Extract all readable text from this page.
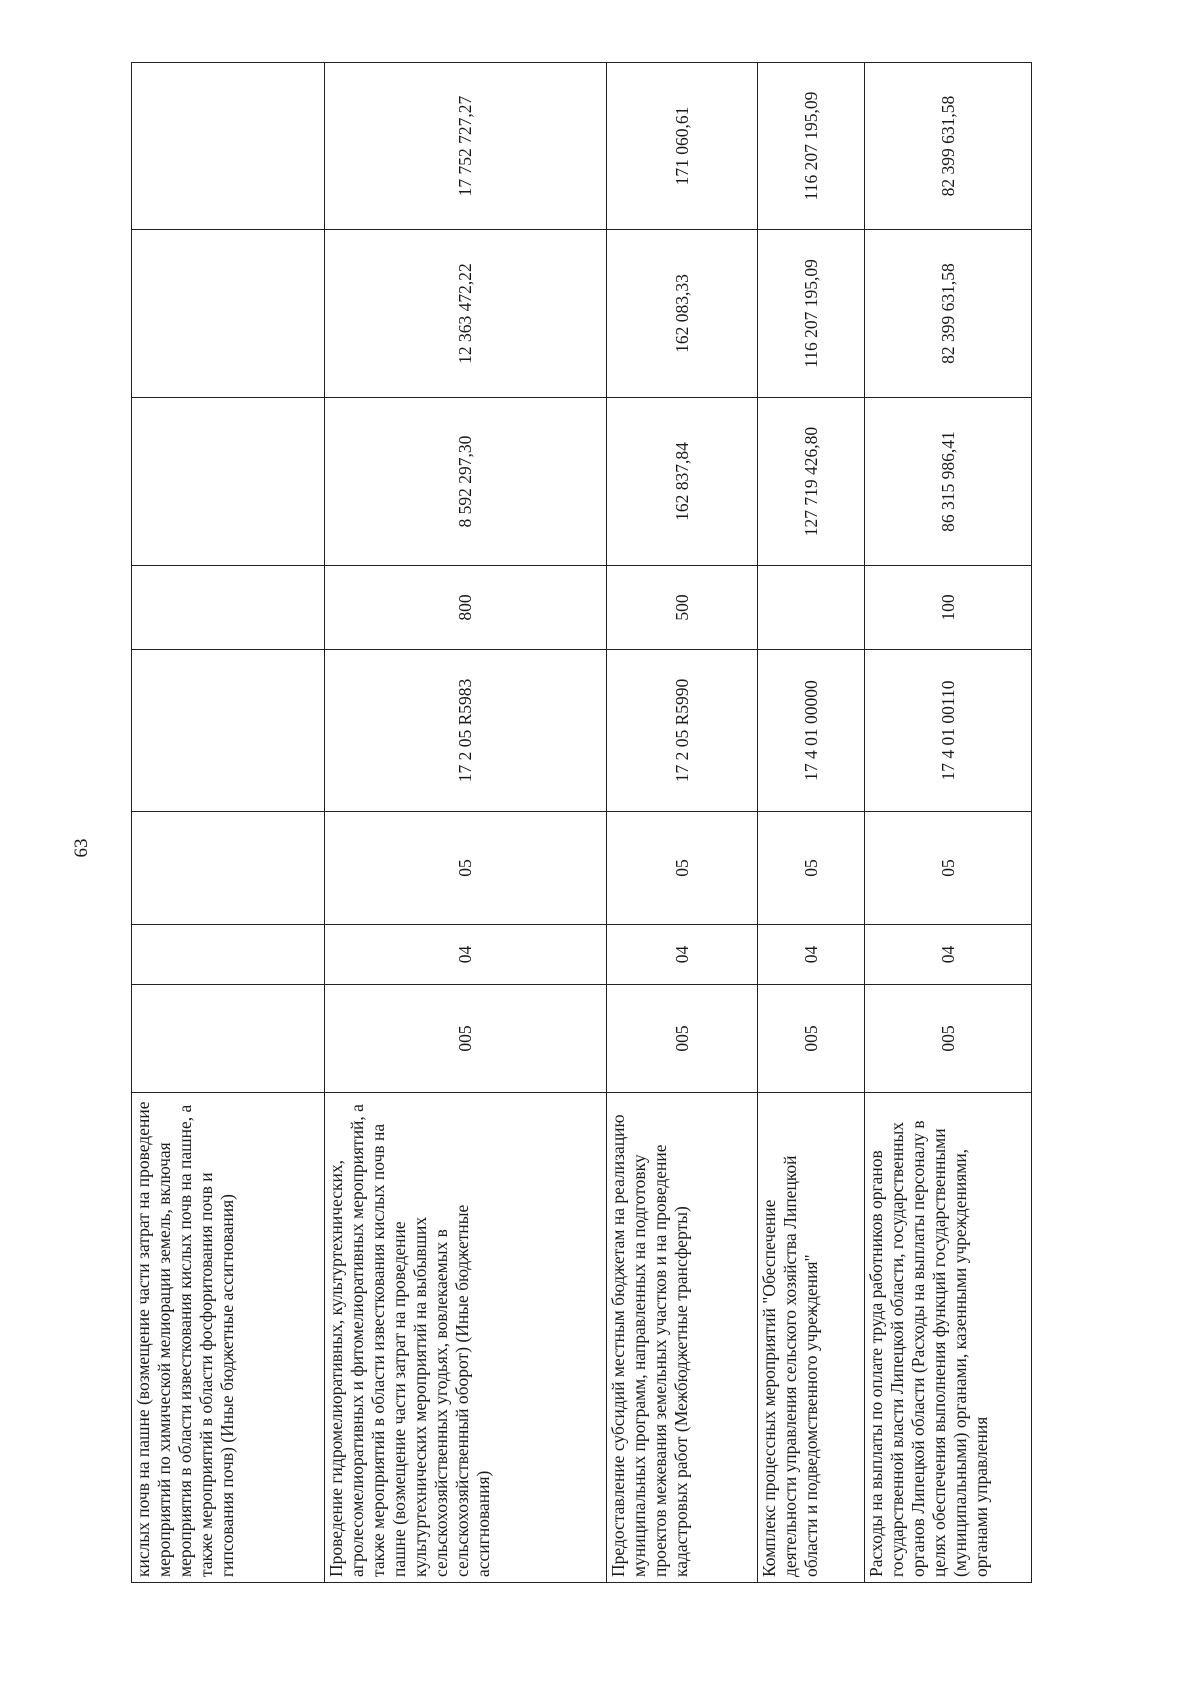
63
кислых почв на пашне (возмещение части затрат на проведение мероприятий по химической мелиорации земель, включая мероприятия в области известкования кислых почв на пашне, а также мероприятий в области фосфоритования почв и гипсования почв) (Иные бюджетные ассигнования)								
Проведение гидромелиоративных, культуртехнических, агролесомелиоративных и фитомелиоративных мероприятий, а также мероприятий в области известкования кислых почв на пашне (возмещение части затрат на проведение культуртехнических мероприятий на выбывших сельскохозяйственных угодьях, вовлекаемых в сельскохозяйственный оборот) (Иные бюджетные ассигнования)	005	04	05	17 2 05 R5983	800	8 592 297,30	12 363 472,22	17 752 727,27
Предоставление субсидий местным бюджетам на реализацию муниципальных программ, направленных на подготовку проектов межевания земельных участков и на проведение кадастровых работ (Межбюджетные трансферты)	005	04	05	17 2 05 R5990	500	162 837,84	162 083,33	171 060,61
Комплекс процессных мероприятий "Обеспечение деятельности управления сельского хозяйства Липецкой области и подведомственного учреждения"	005	04	05	17 4 01 00000		127 719 426,80	116 207 195,09	116 207 195,09
Расходы на выплаты по оплате труда работников органов государственной власти Липецкой области, государственных органов Липецкой области (Расходы на выплаты персоналу в целях обеспечения выполнения функций государственными (муниципальными) органами, казенными учреждениями, органами управления	005	04	05	17 4 01 00110	100	86 315 986,41	82 399 631,58	82 399 631,58
